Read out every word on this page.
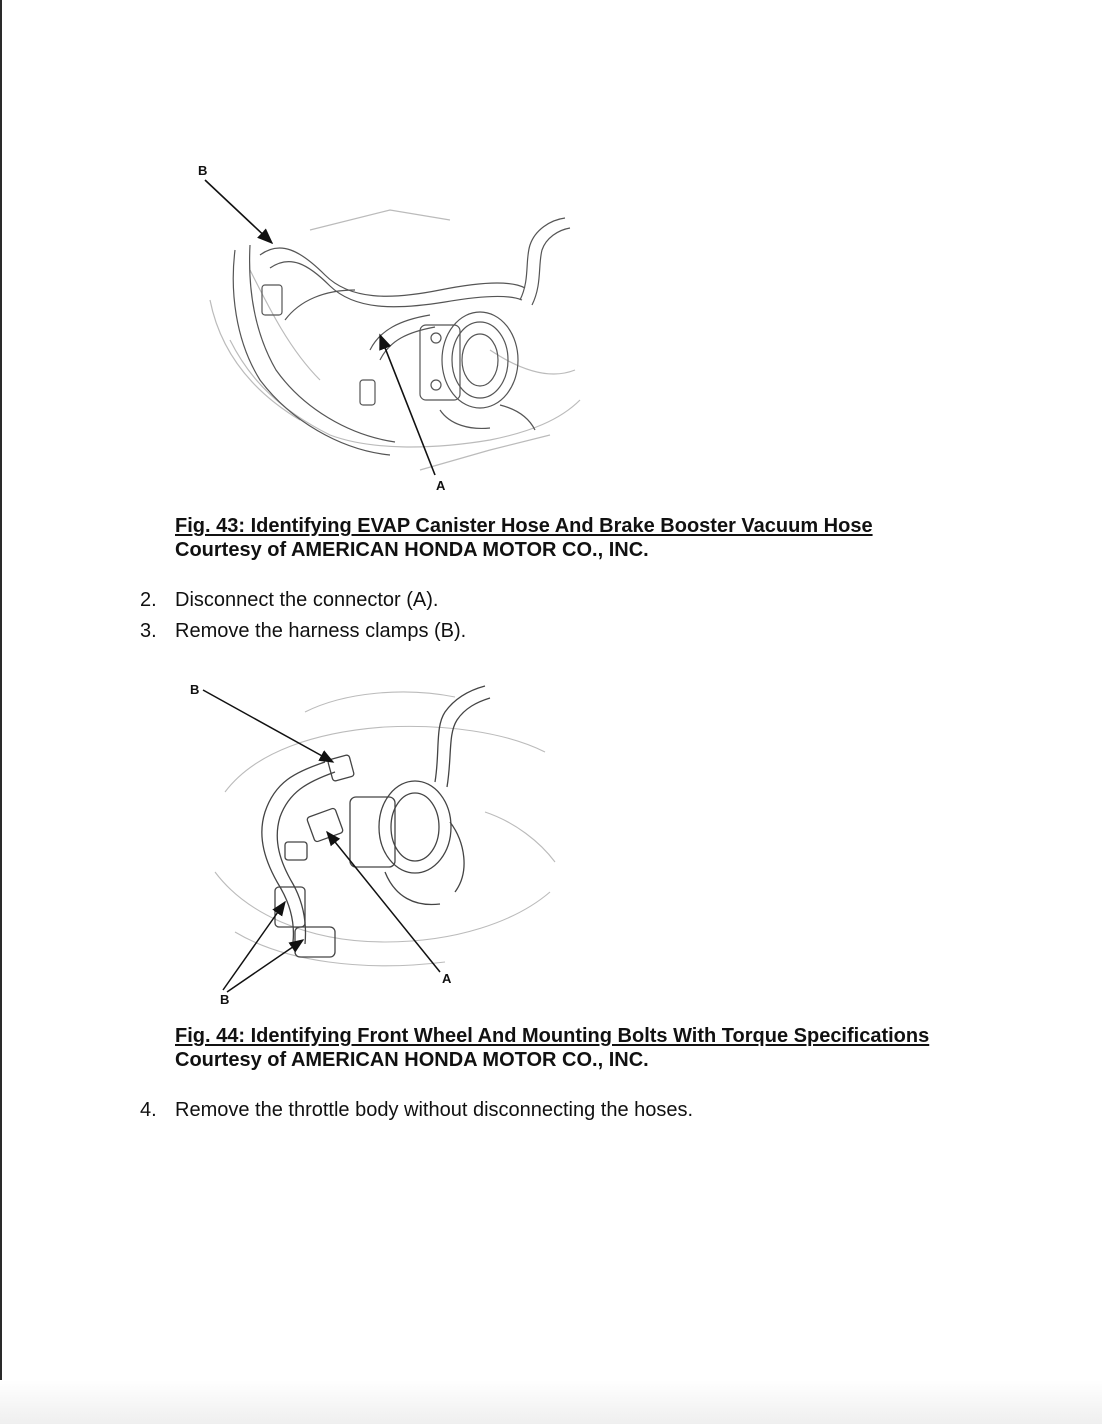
B
A
Fig. 43: Identifying EVAP Canister Hose And Brake Booster Vacuum Hose
Courtesy of AMERICAN HONDA MOTOR CO., INC.
2. Disconnect the connector (A).
3. Remove the harness clamps (B).
B
A
B
Fig. 44: Identifying Front Wheel And Mounting Bolts With Torque Specifications
Courtesy of AMERICAN HONDA MOTOR CO., INC.
4. Remove the throttle body without disconnecting the hoses.
